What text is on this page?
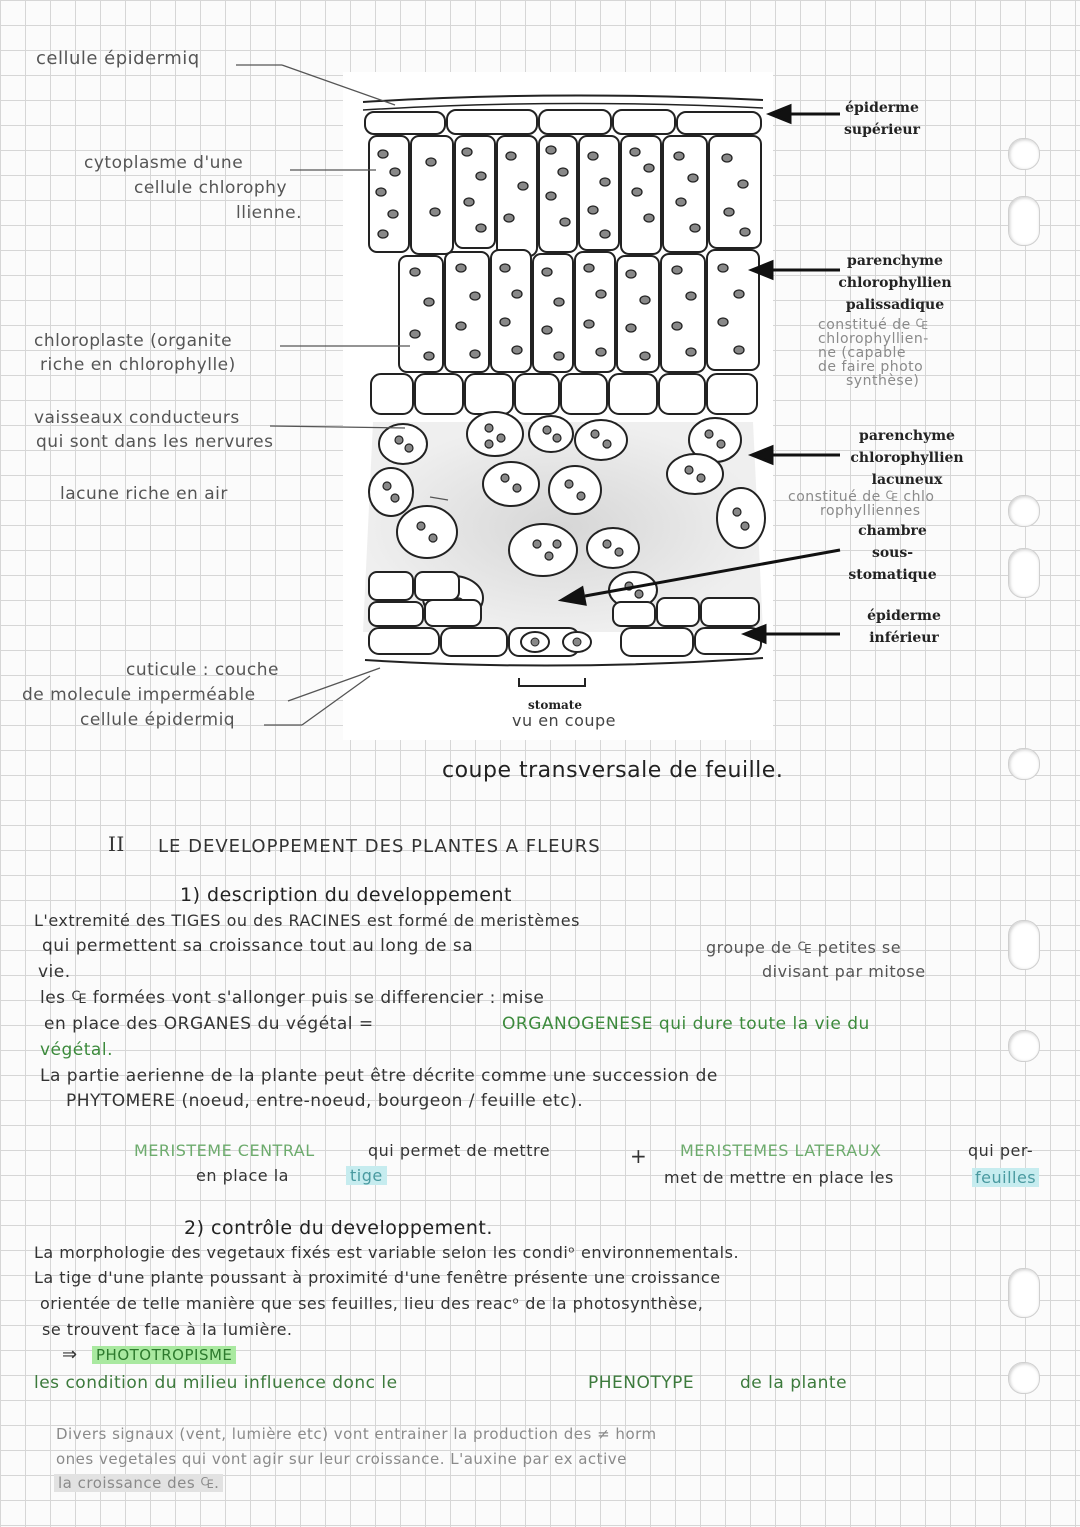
cellule épidermiq
cytoplasme d'une
cellule chlorophy
llienne.
chloroplaste (organite
riche en chlorophylle)
vaisseaux conducteurs
qui sont dans les nervures
lacune riche en air
cuticule : couche
de molecule imperméable
cellule épidermiq
épiderme
supérieur
parenchyme
chlorophyllien
palissadique
constitué de ₠
chlorophyllien-
ne (capable
de faire photo
synthèse)
parenchyme
chlorophyllien
lacuneux
constitué de ₠ chlo
rophylliennes
chambre
sous-stomatique
épiderme
inférieur
stomate
vu en coupe
coupe transversale de feuille.
II LE DEVELOPPEMENT DES PLANTES A FLEURS
1) description du developpement
L'extremité des TIGES ou des RACINES est formé de meristèmes
qui permettent sa croissance tout au long de sa	groupe de ₠ petites se
divisant par mitose
vie.
les ₠ formées vont s'allonger puis se differencier : mise
en place des ORGANES du végétal =	ORGANOGENESE qui dure toute la vie du
végétal.
La partie aerienne de la plante peut être décrite comme une succession de
PHYTOMERE (noeud, entre-noeud, bourgeon / feuille etc).
MERISTEME CENTRAL	qui permet de mettre
en place la	tige
+ MERISTEMES LATERAUX	qui per-
met de mettre en place les	feuilles
2) contrôle du developpement.
La morphologie des vegetaux fixés est variable selon les condiᵒ environnementals.
La tige d'une plante poussant à proximité d'une fenêtre présente une croissance
orientée de telle manière que ses feuilles, lieu des reacᵒ de la photosynthèse,
se trouvent face à la lumière.
⇒ PHOTOTROPISME
les condition du milieu influence donc le	PHENOTYPE	de la plante
Divers signaux (vent, lumière etc) vont entrainer la production des ≠ horm
ones vegetales qui vont agir sur leur croissance. L'auxine par ex active
la croissance des ₠.
